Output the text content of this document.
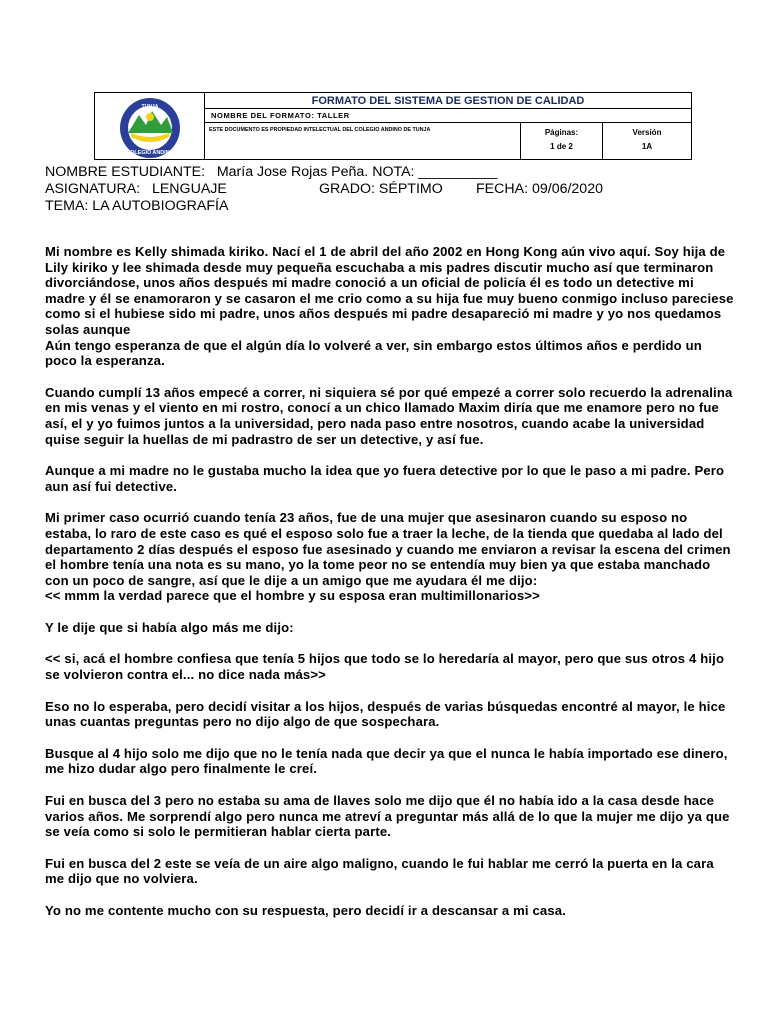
TUNJA
COLEGIO ANDINO
FORMATO DEL SISTEMA DE GESTION DE CALIDAD
NOMBRE DEL FORMATO: TALLER
ESTE DOCUMENTO ES PROPIEDAD INTELECTUAL DEL COLEGIO ANDINO DE TUNJA	Páginas:
1 de 2
Versión
1A
NOMBRE ESTUDIANTE:   María Jose Rojas Peña. NOTA: __________
ASIGNATURA:   LENGUAJE	GRADO: SÉPTIMO FECHA: 09/06/2020
TEMA: LA AUTOBIOGRAFÍA

Mi nombre es Kelly shimada kiriko. Nací el 1 de abril del año 2002 en Hong Kong aún vivo aquí. Soy hija de Lily kiriko y lee shimada desde muy pequeña escuchaba a mis padres discutir mucho así que terminaron divorciándose, unos años después mi madre conoció a un oficial de policía él es todo un detective mi madre y él se enamoraron y se casaron el me crio como a su hija fue muy bueno conmigo incluso pareciese como si el hubiese sido mi padre, unos años después mi padre desapareció mi madre y yo nos quedamos solas aunque

Aún tengo esperanza de que el algún día lo volveré a ver, sin embargo estos últimos años e perdido un poco la esperanza.

Cuando cumplí 13 años empecé a correr, ni siquiera sé por qué empezé a correr solo recuerdo la adrenalina en mis venas y el viento en mi rostro, conocí a un chico llamado Maxim diría que me enamore pero no fue así, el y yo fuimos juntos a la universidad, pero nada paso entre nosotros, cuando acabe la universidad quise seguir la huellas de mi padrastro de ser un detective, y así fue.

Aunque a mi madre no le gustaba mucho la idea que yo fuera detective por lo que le paso a mi padre. Pero aun así fui detective.

Mi primer caso ocurrió cuando tenía 23 años, fue de una mujer que asesinaron cuando su esposo no estaba, lo raro de este caso es qué el esposo solo fue a traer la leche, de la tienda que quedaba al lado del departamento 2 días después el esposo fue asesinado y cuando me enviaron a revisar la escena del crimen el hombre tenía una nota es su mano, yo la tome peor no se entendía muy bien ya que estaba manchado con un poco de sangre, así que le dije a un amigo que me ayudara él me dijo:

<< mmm la verdad parece que el hombre y su esposa eran multimillonarios>>

Y le dije que si había algo más me dijo:

<< si, acá el hombre confiesa que tenía 5 hijos que todo se lo heredaría al mayor, pero que sus otros 4 hijo se volvieron contra el... no dice nada más>>

Eso no lo esperaba, pero decidí visitar a los hijos, después de varias búsquedas encontré al mayor, le hice unas cuantas preguntas pero no dijo algo de que sospechara.

Busque al 4 hijo solo me dijo que no le tenía nada que decir ya que el nunca le había importado ese dinero, me hizo dudar algo pero finalmente le creí.

Fui en busca del 3 pero no estaba su ama de llaves solo me dijo que él no había ido a la casa desde hace varios años. Me sorprendí algo pero nunca me atreví a preguntar más allá de lo que la mujer me dijo ya que se veía como si solo le permitieran hablar cierta parte.

Fui en busca del 2 este se veía de un aire algo maligno, cuando le fui hablar me cerró la puerta en la cara me dijo que no volviera.

Yo no me contente mucho con su respuesta, pero decidí ir a descansar a mi casa.
